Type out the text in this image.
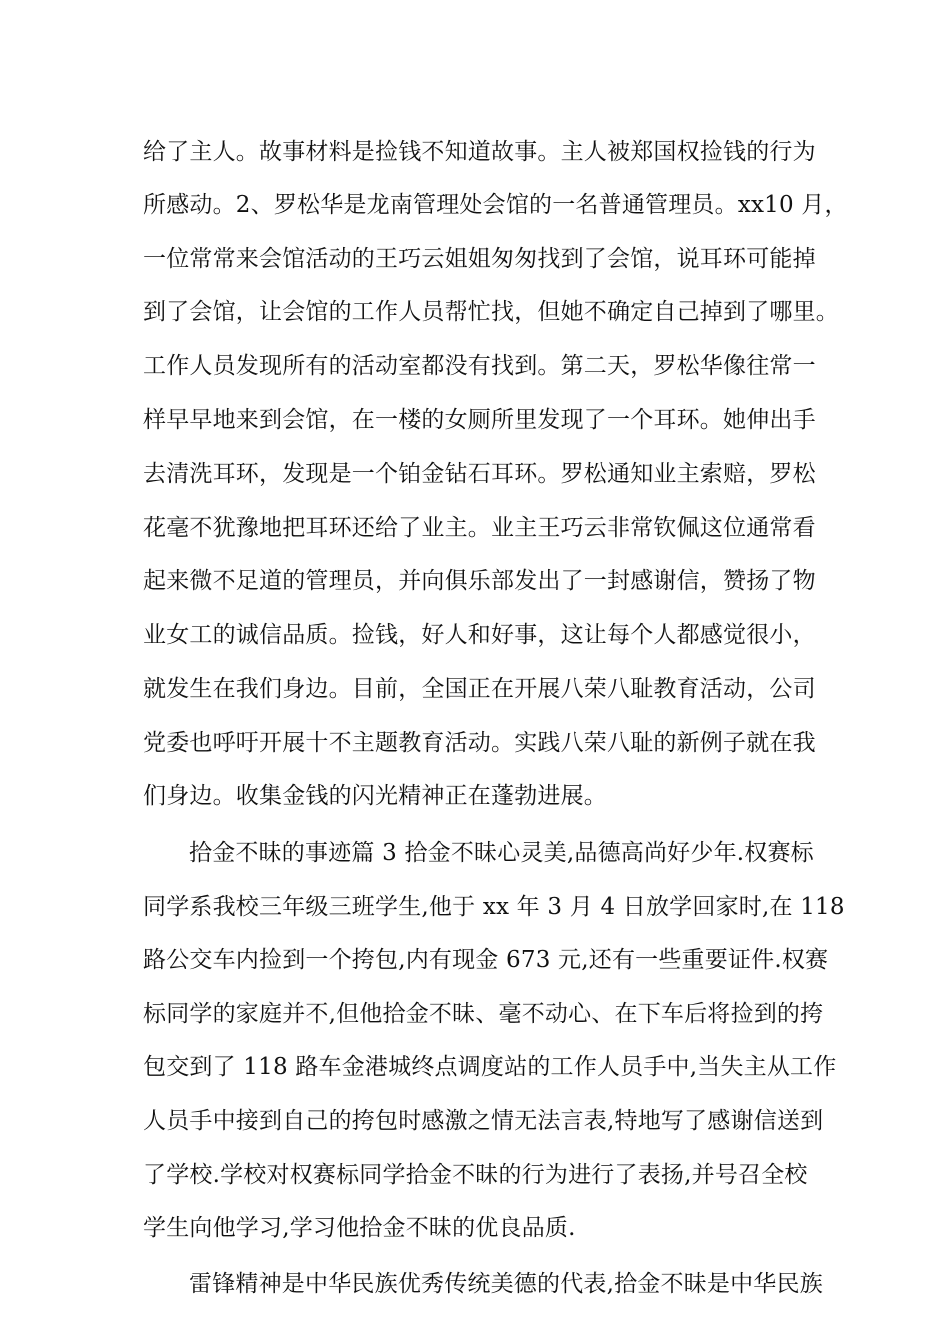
给了主人。故事材料是捡钱不知道故事。主人被郑国权捡钱的行为
所感动。2、罗松华是龙南管理处会馆的一名普通管理员。xx10 月，
一位常常来会馆活动的王巧云姐姐匆匆找到了会馆，说耳环可能掉
到了会馆，让会馆的工作人员帮忙找，但她不确定自己掉到了哪里。
工作人员发现所有的活动室都没有找到。第二天，罗松华像往常一
样早早地来到会馆，在一楼的女厕所里发现了一个耳环。她伸出手
去清洗耳环，发现是一个铂金钻石耳环。罗松通知业主索赔，罗松
花毫不犹豫地把耳环还给了业主。业主王巧云非常钦佩这位通常看
起来微不足道的管理员，并向俱乐部发出了一封感谢信，赞扬了物
业女工的诚信品质。捡钱，好人和好事，这让每个人都感觉很小，
就发生在我们身边。目前，全国正在开展八荣八耻教育活动，公司
党委也呼吁开展十不主题教育活动。实践八荣八耻的新例子就在我
们身边。收集金钱的闪光精神正在蓬勃进展。
拾金不昧的事迹篇 3 拾金不昧心灵美,品德高尚好少年.权赛标
同学系我校三年级三班学生,他于 xx 年 3 月 4 日放学回家时,在 118
路公交车内捡到一个挎包,内有现金 673 元,还有一些重要证件.权赛
标同学的家庭并不,但他拾金不昧、毫不动心、在下车后将捡到的挎
包交到了 118 路车金港城终点调度站的工作人员手中,当失主从工作
人员手中接到自己的挎包时感激之情无法言表,特地写了感谢信送到
了学校.学校对权赛标同学拾金不昧的行为进行了表扬,并号召全校
学生向他学习,学习他拾金不昧的优良品质.
雷锋精神是中华民族优秀传统美德的代表,拾金不昧是中华民族
